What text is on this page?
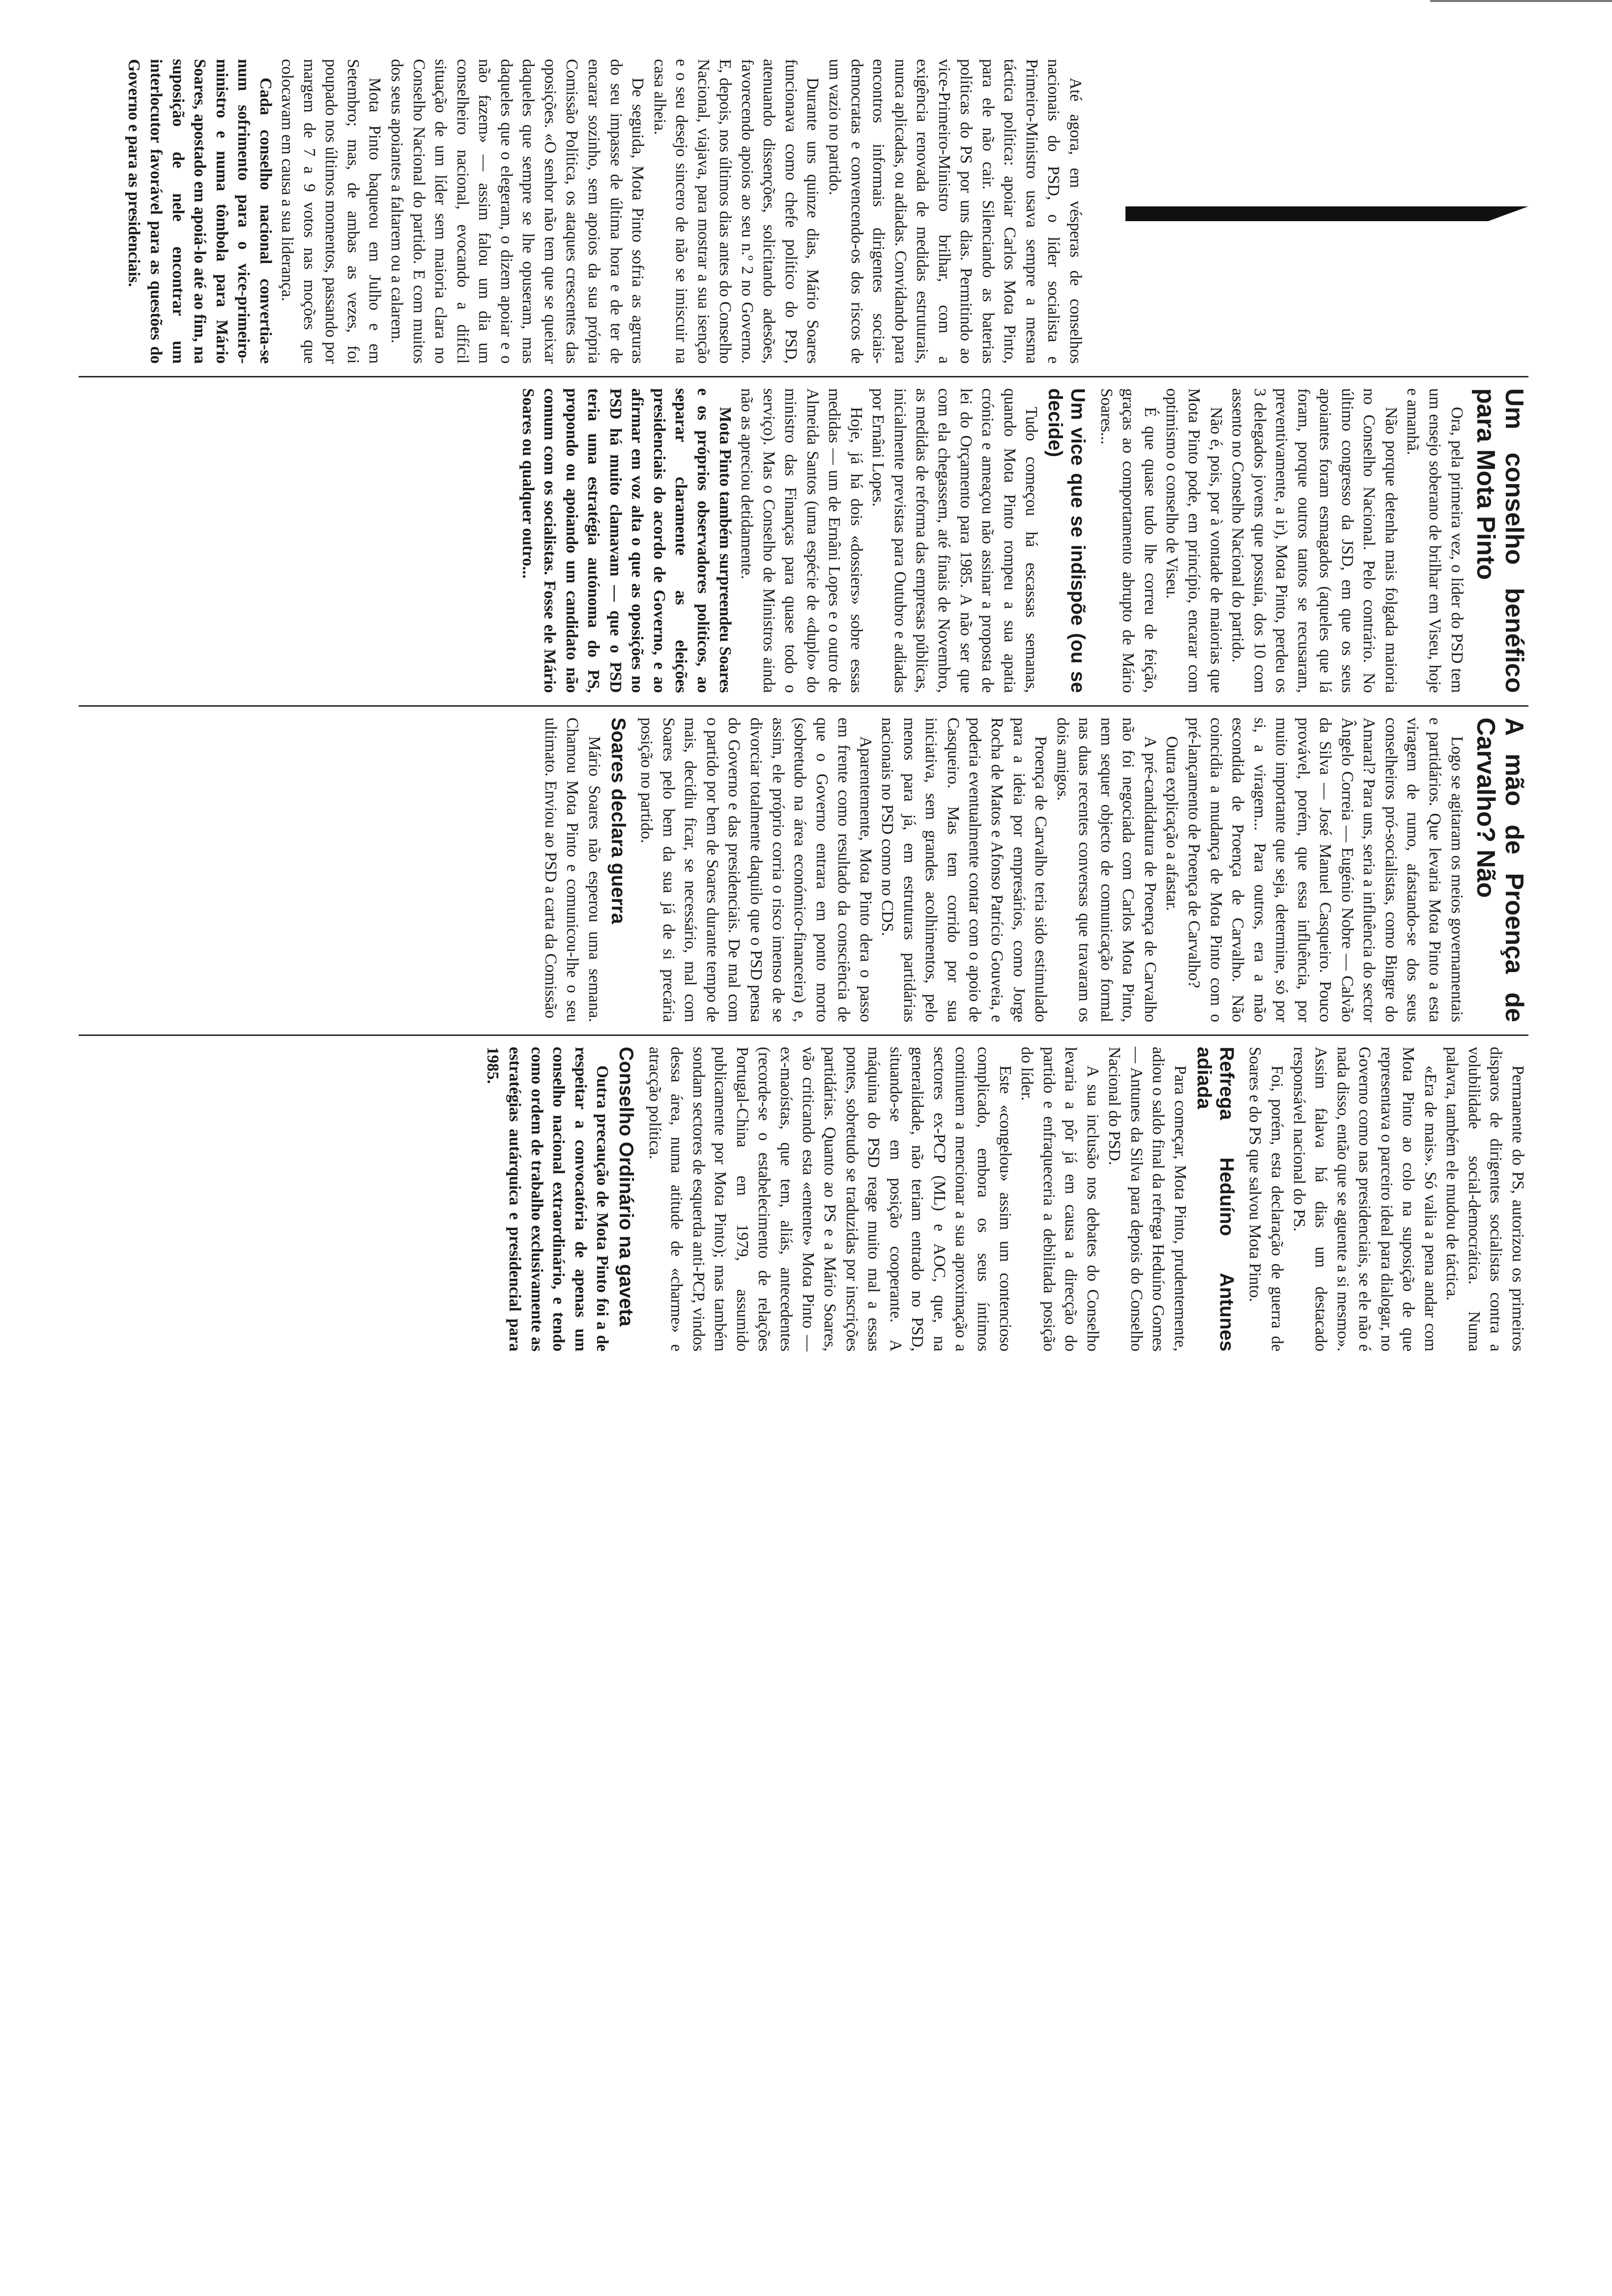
Até agora, em vésperas de conselhos nacionais do PSD, o líder socialista e Primeiro-Ministro usava sempre a mesma táctica política: apoiar Carlos Mota Pinto, para ele não cair. Silenciando as baterias políticas do PS por uns dias. Permitindo ao vice-Primeiro-Ministro brilhar, com a exigência renovada de medidas estruturais, nunca aplicadas, ou adiadas. Convidando para encontros informais dirigentes sociais-democratas e convencendo-os dos riscos de um vazio no partido.

Durante uns quinze dias, Mário Soares funcionava como chefe político do PSD, atenuando dissenções, solicitando adesões, favorecendo apoios ao seu n.º 2 no Governo. E, depois, nos últimos dias antes do Conselho Nacional, viajava, para mostrar a sua isenção e o seu desejo sincero de não se imiscuir na casa alheia.

De seguida, Mota Pinto sofria as agruras do seu impasse de última hora e de ter de encarar sozinho, sem apoios da sua própria Comissão Política, os ataques crescentes das oposições. «O senhor não tem que se queixar daqueles que sempre se lhe opuseram, mas daqueles que o elegeram, o dizem apoiar e o não fazem» — assim falou um dia um conselheiro nacional, evocando a difícil situação de um líder sem maioria clara no Conselho Nacional do partido. E com muitos dos seus apoiantes a faltarem ou a calarem.

Mota Pinto baqueou em Julho e em Setembro; mas, de ambas as vezes, foi poupado nos últimos momentos, passando por margem de 7 a 9 votos nas moções que colocavam em causa a sua liderança.

Cada conselho nacional convertia-se num sofrimento para o vice-primeiro-ministro e numa tômbola para Mário Soares, apostado em apoiá-lo até ao fim, na suposição de nele encontrar um interlocutor favorável para as questões do Governo e para as presidenciais.

Um conselho benéfico para Mota Pinto

Ora, pela primeira vez, o líder do PSD tem um ensejo soberano de brilhar em Viseu, hoje e amanhã.

Não porque detenha mais folgada maioria no Conselho Nacional. Pelo contrário. No último congresso da JSD, em que os seus apoiantes foram esmagados (aqueles que lá foram, porque outros tantos se recusaram, preventivamente, a ir), Mota Pinto, perdeu os 3 delegados jovens que possuía, dos 10 com assento no Conselho Nacional do partido.

Não é, pois, por à vontade de maiorias que Mota Pinto pode, em princípio, encarar com optimismo o conselho de Viseu.

É que quase tudo lhe correu de feição, graças ao comportamento abrupto de Mário Soares...

Um vice que se indispõe (ou se decide)

Tudo começou há escassas semanas, quando Mota Pinto rompeu a sua apatia crónica e ameaçou não assinar a proposta de lei do Orçamento para 1985. A não ser que com ela chegassem, até finais de Novembro, as medidas de reforma das empresas públicas, inicialmente previstas para Outubro e adiadas por Ernâni Lopes.

Hoje, já há dois «dossiers» sobre essas medidas — um de Ernâni Lopes e o outro de Almeida Santos (uma espécie de «duplo» do ministro das Finanças para quase todo o serviço). Mas o Conselho de Ministros ainda não as apreciou detidamente.

Mota Pinto também surpreendeu Soares e os próprios observadores políticos, ao separar claramente as eleições presidenciais do acordo de Governo, e ao afirmar em voz alta o que as oposições no PSD há muito clamavam — que o PSD teria uma estratégia autónoma do PS, propondo ou apoiando um candidato não comum com os socialistas. Fosse ele Mário Soares ou qualquer outro...

A mão de Proença de Carvalho? Não

Logo se agitaram os meios governamentais e partidários. Que levaria Mota Pinto a esta viragem de rumo, afastando-se dos seus conselheiros pró-socialistas, como Bingre do Amaral? Para uns, seria a influência do sector Ângelo Correia — Eugénio Nobre — Calvão da Silva — José Manuel Casqueiro. Pouco provável, porém, que essa influência, por muito importante que seja, determine, só por si, a viragem... Para outros, era a mão escondida de Proença de Carvalho. Não coincidia a mudança de Mota Pinto com o pré-lançamento de Proença de Carvalho?

Outra explicação a afastar.

A pré-candidatura de Proença de Carvalho não foi negociada com Carlos Mota Pinto, nem sequer objecto de comunicação formal nas duas recentes conversas que travaram os dois amigos.

Proença de Carvalho teria sido estimulado para a ideia por empresários, como Jorge Rocha de Matos e Afonso Patrício Gouveia, e poderia eventualmente contar com o apoio de Casqueiro. Mas tem corrido por sua iniciativa, sem grandes acolhimentos, pelo menos para já, em estruturas partidárias nacionais no PSD como no CDS.

Aparentemente, Mota Pinto dera o passo em frente como resultado da consciência de que o Governo entrara em ponto morto (sobretudo na área económico-financeira) e, assim, ele próprio corria o risco imenso de se divorciar totalmente daquilo que o PSD pensa do Governo e das presidenciais. De mal com o partido por bem de Soares durante tempo de mais, decidiu ficar, se necessário, mal com Soares pelo bem da sua já de si precária posição no partido.

Soares declara guerra

Mário Soares não esperou uma semana. Chamou Mota Pinto e comunicou-lhe o seu ultimato. Enviou ao PSD a carta da Comissão

Permanente do PS, autorizou os primeiros disparos de dirigentes socialistas contra a volubilidade social-democrática. Numa palavra, também ele mudou de táctica.

«Era de mais». Só valia a pena andar com Mota Pinto ao colo na suposição de que representava o parceiro ideal para dialogar, no Governo como nas presidenciais, se ele não é nada disso, então que se aguente a si mesmo». Assim falava há dias um destacado responsável nacional do PS.

Foi, porém, esta declaração de guerra de Soares e do PS que salvou Mota Pinto.

Refrega Heduíno Antunes adiada

Para começar, Mota Pinto, prudentemente, adiou o saldo final da refrega Heduíno Gomes — Antunes da Silva para depois do Conselho Nacional do PSD.

A sua inclusão nos debates do Conselho levaria a pôr já em causa a direcção do partido e enfraqueceria a debilitada posição do líder.

Este «congelou» assim um contencioso complicado, embora os seus íntimos continuem a mencionar a sua aproximação a sectores ex-PCP (ML) e AOC, que, na generalidade, não teriam entrado no PSD, situando-se em posição cooperante. A máquina do PSD reage muito mal a essas pontes, sobretudo se traduzidas por inscrições partidárias. Quanto ao PS e a Mário Soares, vão criticando esta «entente» Mota Pinto — ex-maoístas, que tem, aliás, antecedentes (recorde-se o estabelecimento de relações Portugal-China em 1979, assumido publicamente por Mota Pinto); mas também sondam sectores de esquerda anti-PCP, vindos dessa área, numa atitude de «charme» e atracção política.

Conselho Ordinário na gaveta

Outra precaução de Mota Pinto foi a de respeitar a convocatória de apenas um conselho nacional extraordinário, e tendo como ordem de trabalho exclusivamente as estratégias autárquica e presidencial para 1985.
